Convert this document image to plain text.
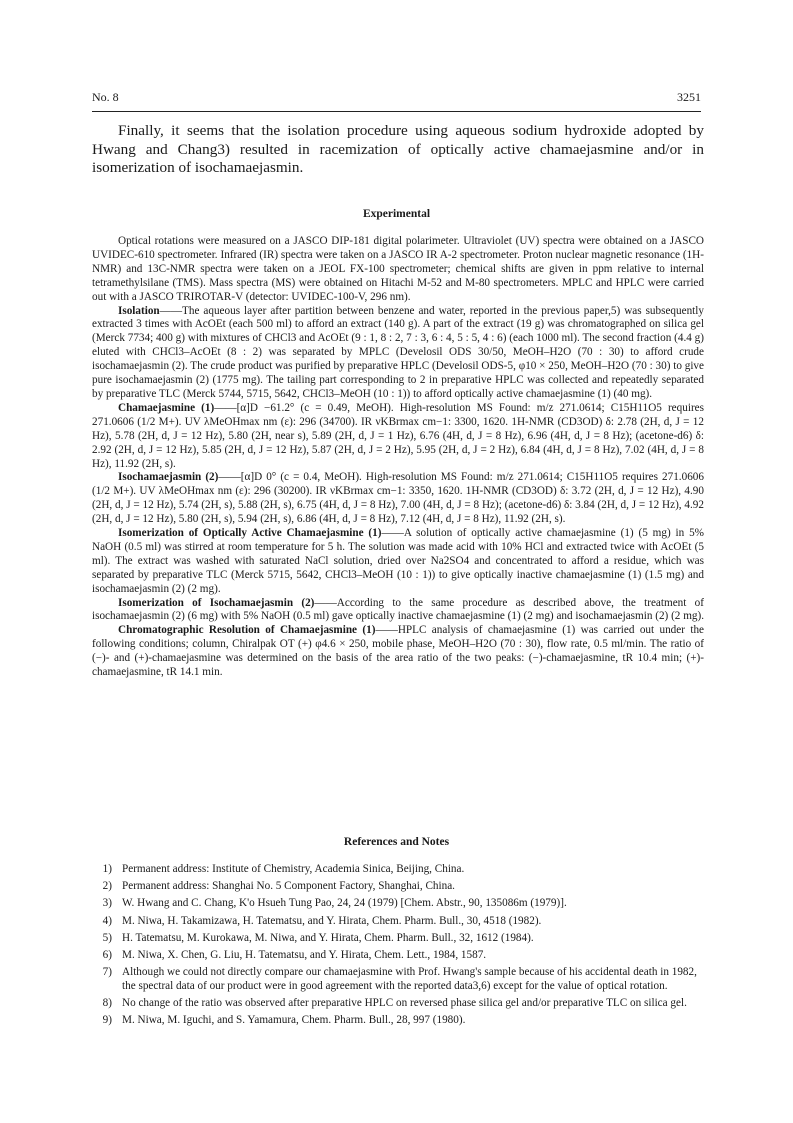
No. 8	3251

Finally, it seems that the isolation procedure using aqueous sodium hydroxide adopted by Hwang and Chang3) resulted in racemization of optically active chamaejasmine and/or in isomerization of isochamaejasmin.

Experimental

Optical rotations were measured on a JASCO DIP-181 digital polarimeter. Ultraviolet (UV) spectra were obtained on a JASCO UVIDEC-610 spectrometer. Infrared (IR) spectra were taken on a JASCO IR A-2 spectrometer. Proton nuclear magnetic resonance (1H-NMR) and 13C-NMR spectra were taken on a JEOL FX-100 spectrometer; chemical shifts are given in ppm relative to internal tetramethylsilane (TMS). Mass spectra (MS) were obtained on Hitachi M-52 and M-80 spectrometers. MPLC and HPLC were carried out with a JASCO TRIROTAR-V (detector: UVIDEC-100-V, 296 nm).

Isolation——The aqueous layer after partition between benzene and water, reported in the previous paper,5) was subsequently extracted 3 times with AcOEt (each 500 ml) to afford an extract (140 g). A part of the extract (19 g) was chromatographed on silica gel (Merck 7734; 400 g) with mixtures of CHCl3 and AcOEt (9 : 1, 8 : 2, 7 : 3, 6 : 4, 5 : 5, 4 : 6) (each 1000 ml). The second fraction (4.4 g) eluted with CHCl3–AcOEt (8 : 2) was separated by MPLC (Develosil ODS 30/50, MeOH–H2O (70 : 30) to afford crude isochamaejasmin (2). The crude product was purified by preparative HPLC (Develosil ODS-5, φ10 × 250, MeOH–H2O (70 : 30) to give pure isochamaejasmin (2) (1775 mg). The tailing part corresponding to 2 in preparative HPLC was collected and repeatedly separated by preparative TLC (Merck 5744, 5715, 5642, CHCl3–MeOH (10 : 1)) to afford optically active chamaejasmine (1) (40 mg).

Chamaejasmine (1)——[α]D −61.2° (c = 0.49, MeOH). High-resolution MS Found: m/z 271.0614; C15H11O5 requires 271.0606 (1/2 M+). UV λMeOHmax nm (ε): 296 (34700). IR νKBrmax cm−1: 3300, 1620. 1H-NMR (CD3OD) δ: 2.78 (2H, d, J = 12 Hz), 5.78 (2H, d, J = 12 Hz), 5.80 (2H, near s), 5.89 (2H, d, J = 1 Hz), 6.76 (4H, d, J = 8 Hz), 6.96 (4H, d, J = 8 Hz); (acetone-d6) δ: 2.92 (2H, d, J = 12 Hz), 5.85 (2H, d, J = 12 Hz), 5.87 (2H, d, J = 2 Hz), 5.95 (2H, d, J = 2 Hz), 6.84 (4H, d, J = 8 Hz), 7.02 (4H, d, J = 8 Hz), 11.92 (2H, s).

Isochamaejasmin (2)——[α]D 0° (c = 0.4, MeOH). High-resolution MS Found: m/z 271.0614; C15H11O5 requires 271.0606 (1/2 M+). UV λMeOHmax nm (ε): 296 (30200). IR νKBrmax cm−1: 3350, 1620. 1H-NMR (CD3OD) δ: 3.72 (2H, d, J = 12 Hz), 4.90 (2H, d, J = 12 Hz), 5.74 (2H, s), 5.88 (2H, s), 6.75 (4H, d, J = 8 Hz), 7.00 (4H, d, J = 8 Hz); (acetone-d6) δ: 3.84 (2H, d, J = 12 Hz), 4.92 (2H, d, J = 12 Hz), 5.80 (2H, s), 5.94 (2H, s), 6.86 (4H, d, J = 8 Hz), 7.12 (4H, d, J = 8 Hz), 11.92 (2H, s).

Isomerization of Optically Active Chamaejasmine (1)——A solution of optically active chamaejasmine (1) (5 mg) in 5% NaOH (0.5 ml) was stirred at room temperature for 5 h. The solution was made acid with 10% HCl and extracted twice with AcOEt (5 ml). The extract was washed with saturated NaCl solution, dried over Na2SO4 and concentrated to afford a residue, which was separated by preparative TLC (Merck 5715, 5642, CHCl3–MeOH (10 : 1)) to give optically inactive chamaejasmine (1) (1.5 mg) and isochamaejasmin (2) (2 mg).

Isomerization of Isochamaejasmin (2)——According to the same procedure as described above, the treatment of isochamaejasmin (2) (6 mg) with 5% NaOH (0.5 ml) gave optically inactive chamaejasmine (1) (2 mg) and isochamaejasmin (2) (2 mg).

Chromatographic Resolution of Chamaejasmine (1)——HPLC analysis of chamaejasmine (1) was carried out under the following conditions; column, Chiralpak OT (+) φ4.6 × 250, mobile phase, MeOH–H2O (70 : 30), flow rate, 0.5 ml/min. The ratio of (−)- and (+)-chamaejasmine was determined on the basis of the area ratio of the two peaks: (−)-chamaejasmine, tR 10.4 min; (+)-chamaejasmine, tR 14.1 min.

References and Notes
1) Permanent address: Institute of Chemistry, Academia Sinica, Beijing, China.
2) Permanent address: Shanghai No. 5 Component Factory, Shanghai, China.
3) W. Hwang and C. Chang, K'o Hsueh Tung Pao, 24, 24 (1979) [Chem. Abstr., 90, 135086m (1979)].
4) M. Niwa, H. Takamizawa, H. Tatematsu, and Y. Hirata, Chem. Pharm. Bull., 30, 4518 (1982).
5) H. Tatematsu, M. Kurokawa, M. Niwa, and Y. Hirata, Chem. Pharm. Bull., 32, 1612 (1984).
6) M. Niwa, X. Chen, G. Liu, H. Tatematsu, and Y. Hirata, Chem. Lett., 1984, 1587.
7) Although we could not directly compare our chamaejasmine with Prof. Hwang's sample because of his accidental death in 1982, the spectral data of our product were in good agreement with the reported data3,6) except for the value of optical rotation.
8) No change of the ratio was observed after preparative HPLC on reversed phase silica gel and/or preparative TLC on silica gel.
9) M. Niwa, M. Iguchi, and S. Yamamura, Chem. Pharm. Bull., 28, 997 (1980).
